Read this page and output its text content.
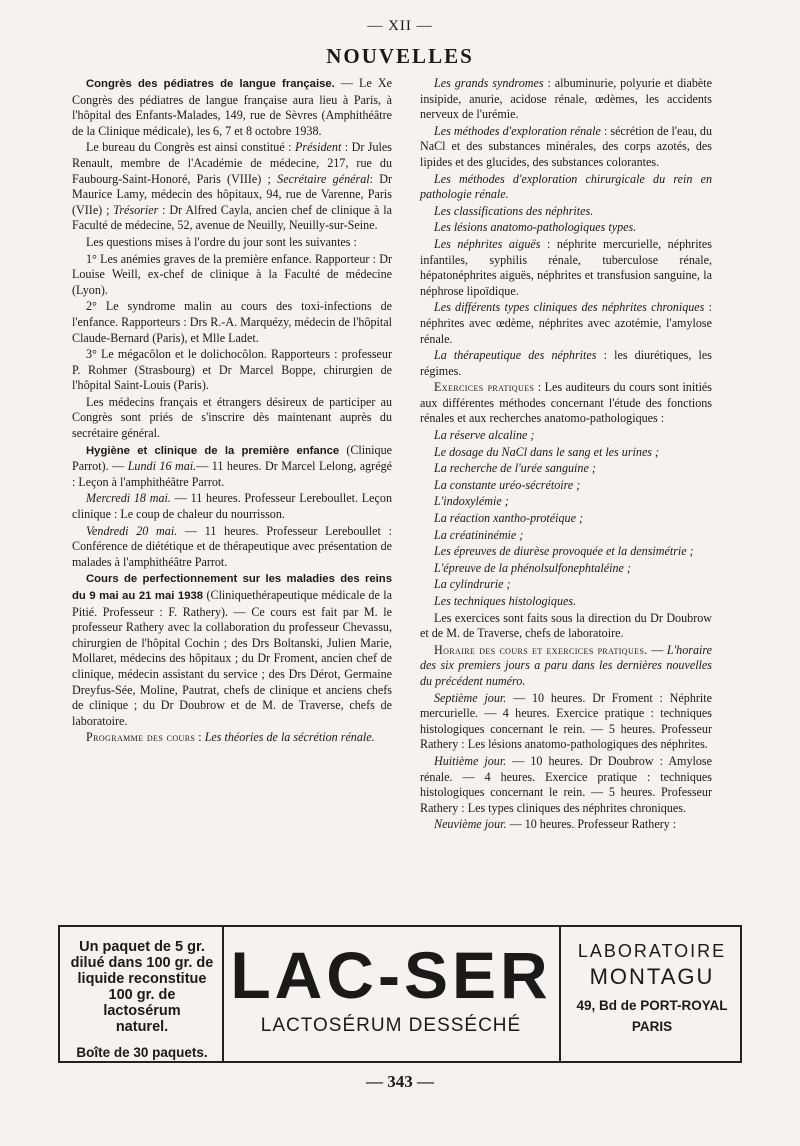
— XII —
NOUVELLES

Congrès des pédiatres de langue française. — Le Xe Congrès des pédiatres de langue française aura lieu à Paris, à l'hôpital des Enfants-Malades, 149, rue de Sèvres (Amphithéâtre de la Clinique médicale), les 6, 7 et 8 octobre 1938.

Le bureau du Congrès est ainsi constitué : Président : Dr Jules Renault, membre de l'Académie de médecine, 217, rue du Faubourg-Saint-Honoré, Paris (VIIIe) ; Secrétaire général: Dr Maurice Lamy, médecin des hôpitaux, 94, rue de Varenne, Paris (VIIe) ; Trésorier : Dr Alfred Cayla, ancien chef de clinique à la Faculté de médecine, 52, avenue de Neuilly, Neuilly-sur-Seine.

Les questions mises à l'ordre du jour sont les suivantes :

1° Les anémies graves de la première enfance. Rapporteur : Dr Louise Weill, ex-chef de clinique à la Faculté de médecine (Lyon).

2° Le syndrome malin au cours des toxi-infections de l'enfance. Rapporteurs : Drs R.-A. Marquézy, médecin de l'hôpital Claude-Bernard (Paris), et Mlle Ladet.

3° Le mégacôlon et le dolichocôlon. Rapporteurs : professeur P. Rohmer (Strasbourg) et Dr Marcel Boppe, chirurgien de l'hôpital Saint-Louis (Paris).

Les médecins français et étrangers désireux de participer au Congrès sont priés de s'inscrire dès maintenant auprès du secrétaire général.

Hygiène et clinique de la première enfance (Clinique Parrot). — Lundi 16 mai.— 11 heures. Dr Marcel Lelong, agrégé : Leçon à l'amphithéâtre Parrot.

Mercredi 18 mai. — 11 heures. Professeur Lereboullet. Leçon clinique : Le coup de chaleur du nourrisson.

Vendredi 20 mai. — 11 heures. Professeur Lereboullet : Conférence de diététique et de thérapeutique avec présentation de malades à l'amphithéâtre Parrot.

Cours de perfectionnement sur les maladies des reins du 9 mai au 21 mai 1938 (Cliniquethérapeutique médicale de la Pitié. Professeur : F. Rathery). — Ce cours est fait par M. le professeur Rathery avec la collaboration du professeur Chevassu, chirurgien de l'hôpital Cochin ; des Drs Boltanski, Julien Marie, Mollaret, médecins des hôpitaux ; du Dr Froment, ancien chef de clinique, médecin assistant du service ; des Drs Dérot, Germaine Dreyfus-Sée, Moline, Pautrat, chefs de clinique et anciens chefs de clinique ; du Dr Doubrow et de M. de Traverse, chefs de laboratoire.

Programme des cours : Les théories de la sécrétion rénale.

Les grands syndromes : albuminurie, polyurie et diabète insipide, anurie, acidose rénale, œdèmes, les accidents nerveux de l'urémie.

Les méthodes d'exploration rénale : sécrétion de l'eau, du NaCl et des substances minérales, des corps azotés, des lipides et des glucides, des substances colorantes.

Les méthodes d'exploration chirurgicale du rein en pathologie rénale.

Les classifications des néphrites.

Les lésions anatomo-pathologiques types.

Les néphrites aiguës : néphrite mercurielle, néphrites infantiles, syphilis rénale, tuberculose rénale, hépatonéphrites aiguës, néphrites et transfusion sanguine, la néphrose lipoïdique.

Les différents types cliniques des néphrites chroniques : néphrites avec œdème, néphrites avec azotémie, l'amylose rénale.

La thérapeutique des néphrites : les diurétiques, les régimes.

Exercices pratiques : Les auditeurs du cours sont initiés aux différentes méthodes concernant l'étude des fonctions rénales et aux recherches anatomo-pathologiques :

La réserve alcaline ;

Le dosage du NaCl dans le sang et les urines ;

La recherche de l'urée sanguine ;

La constante uréo-sécrétoire ;

L'indoxylémie ;

La réaction xantho-protéique ;

La créatininémie ;

Les épreuves de diurèse provoquée et la densimétrie ;

L'épreuve de la phénolsulfonephtaléine ;

La cylindrurie ;

Les techniques histologiques.

Les exercices sont faits sous la direction du Dr Doubrow et de M. de Traverse, chefs de laboratoire.

Horaire des cours et exercices pratiques. — L'horaire des six premiers jours a paru dans les dernières nouvelles du précédent numéro.

Septième jour. — 10 heures. Dr Froment : Néphrite mercurielle. — 4 heures. Exercice pratique : techniques histologiques concernant le rein. — 5 heures. Professeur Rathery : Les lésions anatomo-pathologiques des néphrites.

Huitième jour. — 10 heures. Dr Doubrow : Amylose rénale. — 4 heures. Exercice pratique : techniques histologiques concernant le rein. — 5 heures. Professeur Rathery : Les types cliniques des néphrites chroniques.

Neuvième jour. — 10 heures. Professeur Rathery :

Un paquet de 5 gr.
dilué dans 100 gr. de
liquide reconstitue
100 gr. de lactosérum
naturel.
Boîte de 30 paquets.
LAC-SER
LACTOSÉRUM DESSÉCHÉ
LABORATOIRE
MONTAGU
49, Bd de PORT-ROYAL
PARIS
— 343 —
